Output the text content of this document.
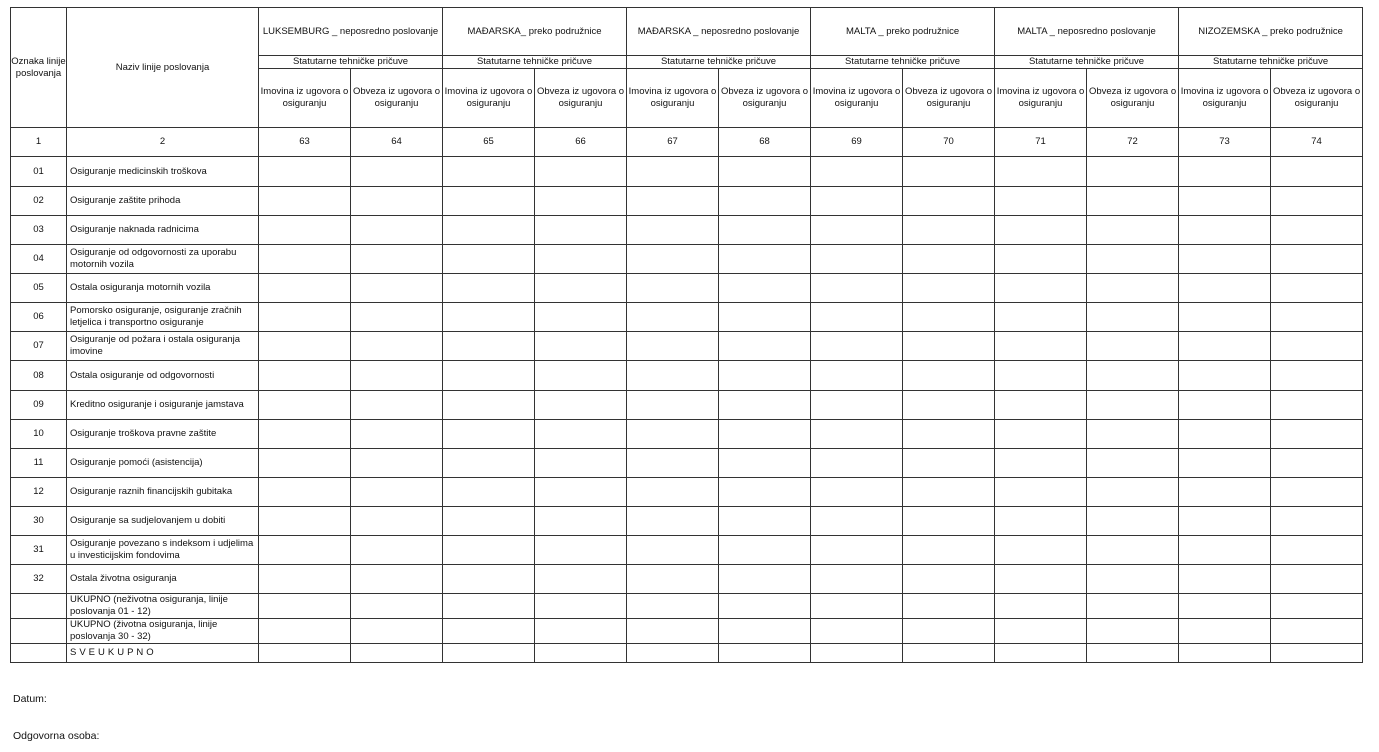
Oznaka linije poslovanja	Naziv linije poslovanja	LUKSEMBURG _ neposredno poslovanje		MAĐARSKA_ preko podružnice		MAĐARSKA _ neposredno poslovanje		MALTA _ preko podružnice		MALTA _ neposredno poslovanje		NIZOZEMSKA _ preko podružnice	
		Statutarne tehničke pričuve		Statutarne tehničke pričuve		Statutarne tehničke pričuve		Statutarne tehničke pričuve		Statutarne tehničke pričuve		Statutarne tehničke pričuve	
		Imovina iz ugovora o osiguranju	Obveza iz ugovora o osiguranju	Imovina iz ugovora o osiguranju	Obveza iz ugovora o osiguranju	Imovina iz ugovora o osiguranju	Obveza iz ugovora o osiguranju	Imovina iz ugovora o osiguranju	Obveza iz ugovora o osiguranju	Imovina iz ugovora o osiguranju	Obveza iz ugovora o osiguranju	Imovina iz ugovora o osiguranju	Obveza iz ugovora o osiguranju
1	2	63	64	65	66	67	68	69	70	71	72	73	74
01	Osiguranje medicinskih troškova												
02	Osiguranje zaštite prihoda												
03	Osiguranje naknada radnicima												
04	Osiguranje od odgovornosti za uporabu motornih vozila												
05	Ostala osiguranja motornih vozila												
06	Pomorsko osiguranje, osiguranje zračnih letjelica i transportno osiguranje												
07	Osiguranje od požara i ostala osiguranja imovine												
08	Ostala osiguranje od odgovornosti												
09	Kreditno osiguranje i osiguranje jamstava												
10	Osiguranje troškova pravne zaštite												
11	Osiguranje pomoći (asistencija)												
12	Osiguranje raznih financijskih gubitaka												
30	Osiguranje sa sudjelovanjem u dobiti												
31	Osiguranje povezano s indeksom i udjelima u investicijskim fondovima												
32	Ostala životna osiguranja												
	UKUPNO (neživotna osiguranja, linije poslovanja 01 - 12)												
	UKUPNO (životna osiguranja, linije poslovanja 30 - 32)												
	SVEUKUPNO												
Datum:
Odgovorna osoba:
